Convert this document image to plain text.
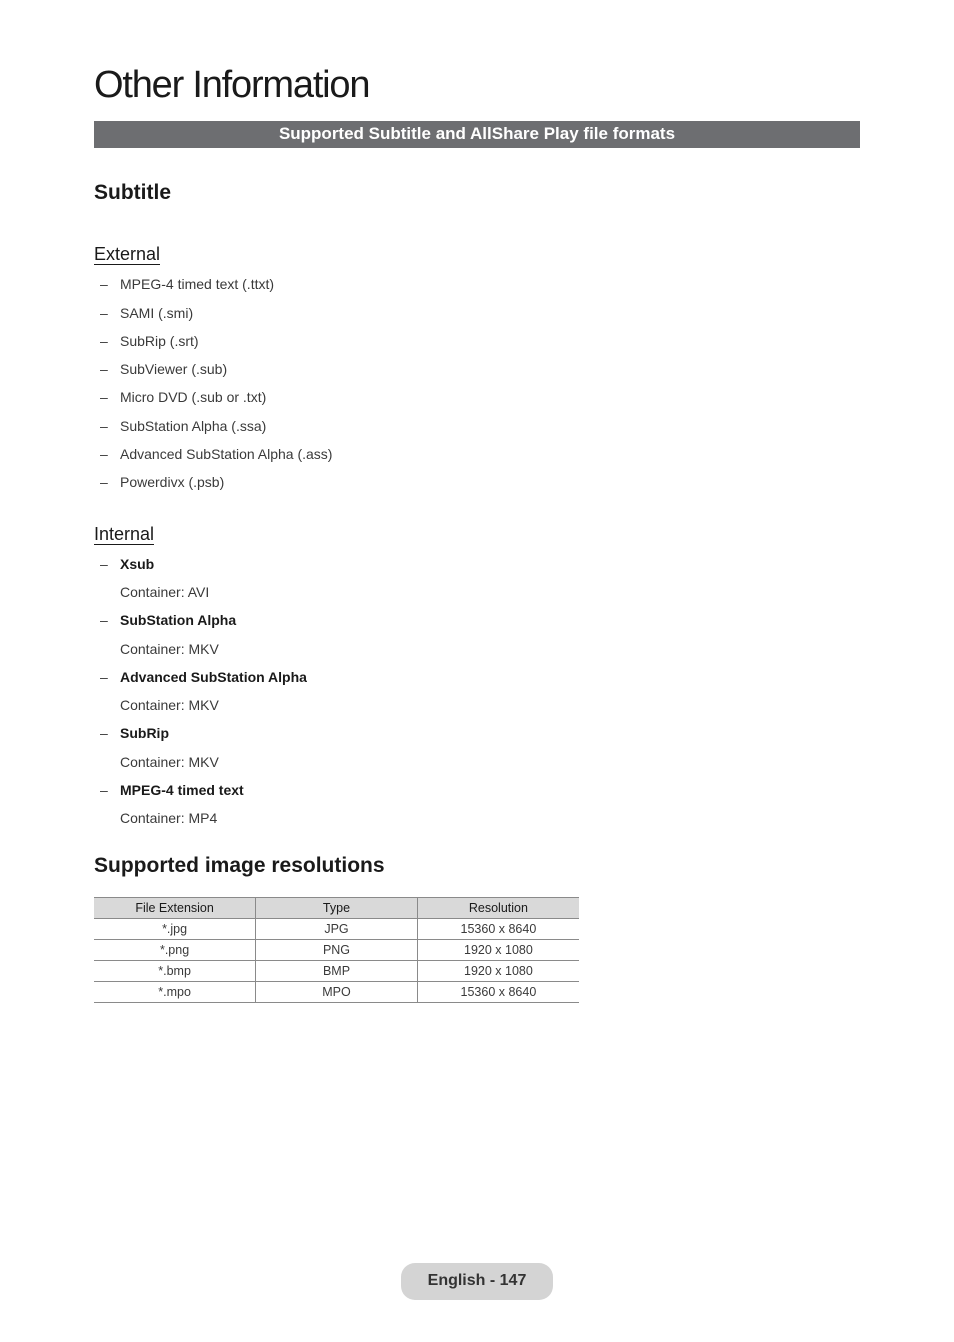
Other Information
Supported Subtitle and AllShare Play file formats
Subtitle
External
– MPEG-4 timed text (.ttxt)
– SAMI (.smi)
– SubRip (.srt)
– SubViewer (.sub)
– Micro DVD (.sub or .txt)
– SubStation Alpha (.ssa)
– Advanced SubStation Alpha (.ass)
– Powerdivx (.psb)
Internal
– Xsub
Container: AVI
– SubStation Alpha
Container: MKV
– Advanced SubStation Alpha
Container: MKV
– SubRip
Container: MKV
– MPEG-4 timed text
Container: MP4
Supported image resolutions
File Extension	Type	Resolution
*.jpg	JPG	15360 x 8640
*.png	PNG	1920 x 1080
*.bmp	BMP	1920 x 1080
*.mpo	MPO	15360 x 8640
English - 147
